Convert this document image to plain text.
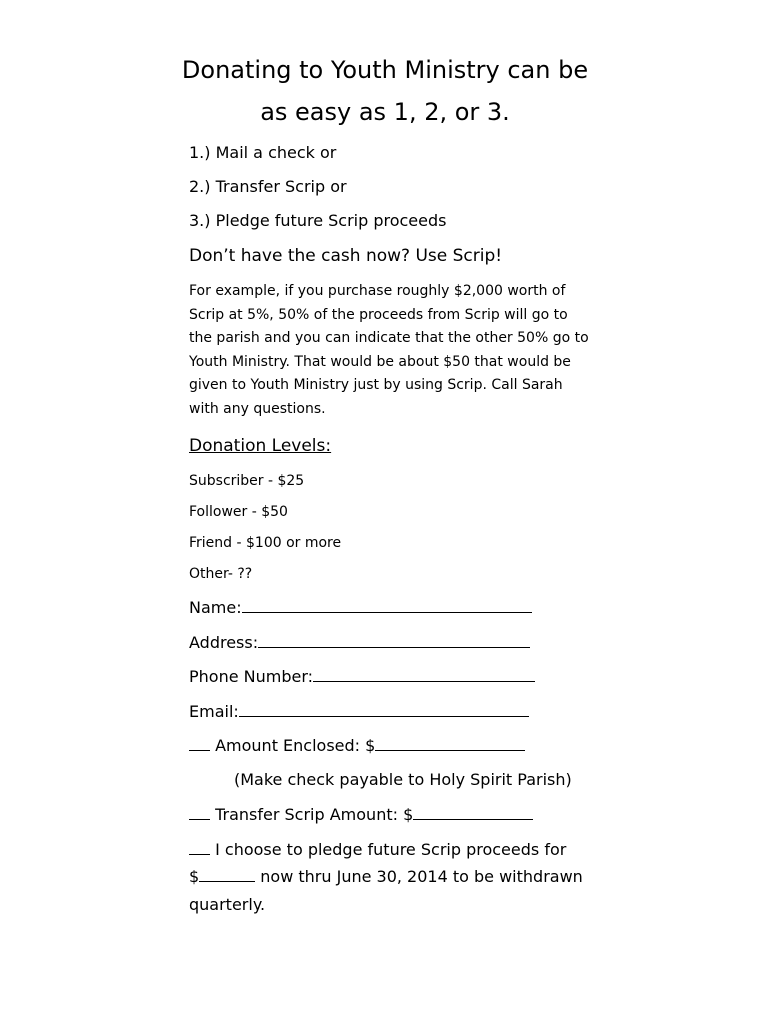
Donating to Youth Ministry can be
as easy as 1, 2, or 3.
1.) Mail a check or
2.) Transfer Scrip or
3.) Pledge future Scrip proceeds
Don’t have the cash now? Use Scrip!
For example, if you purchase roughly $2,000 worth of Scrip at 5%, 50% of the proceeds from Scrip will go to the parish and you can indicate that the other 50% go to Youth Ministry. That would be about $50 that would be given to Youth Ministry just by using Scrip. Call Sarah with any questions.
Donation Levels:
Subscriber - $25
Follower - $50
Friend - $100 or more
Other- ??
Name:
Address:
Phone Number:
Email:
Amount Enclosed: $
(Make check payable to Holy Spirit Parish)
Transfer Scrip Amount: $
I choose to pledge future Scrip proceeds for
$	now thru June 30, 2014 to be withdrawn
quarterly.
